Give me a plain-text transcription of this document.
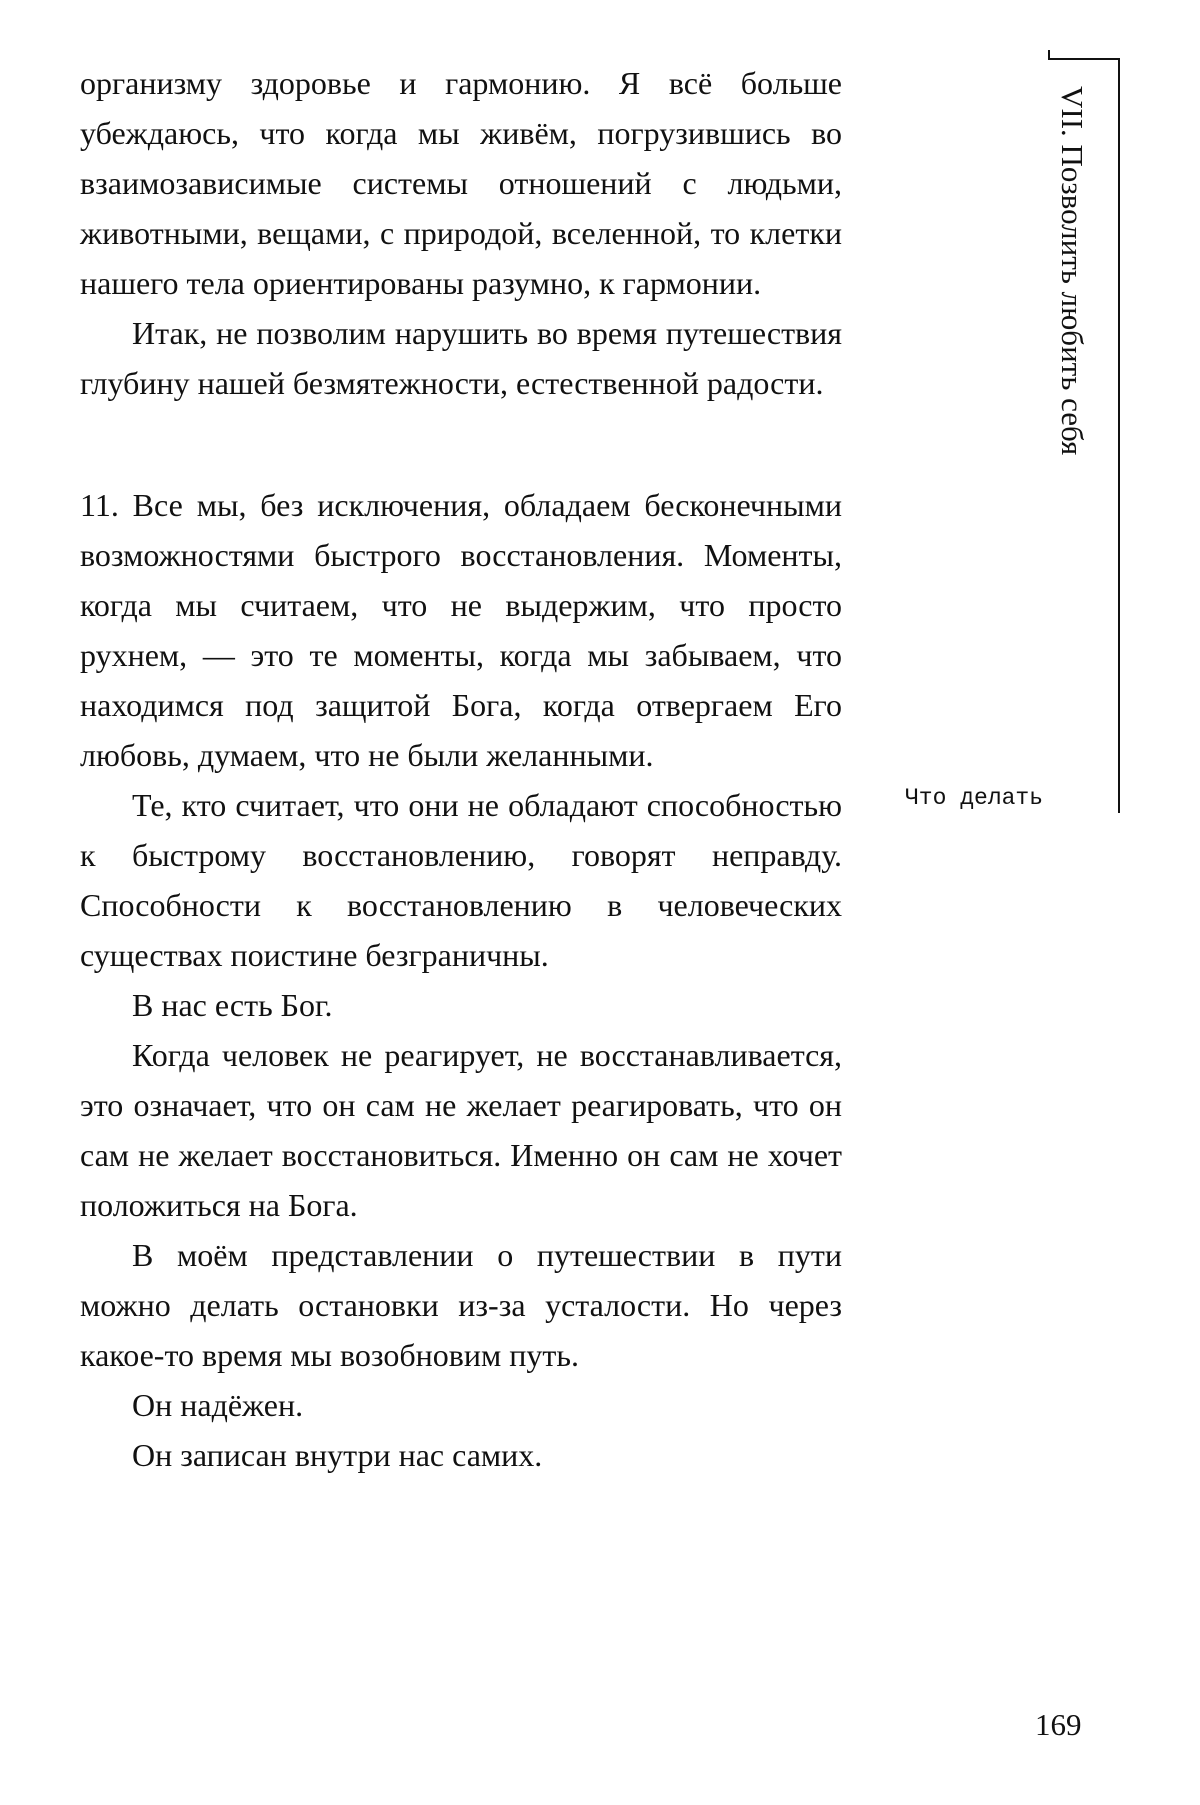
организму здоровье и гармонию. Я всё больше убеждаюсь, что когда мы живём, погрузившись во взаимозависимые системы отношений с людьми, животными, вещами, с природой, вселенной, то клетки нашего тела ориентированы разумно, к гармонии.

Итак, не позволим нарушить во время путешествия глубину нашей безмятежности, естественной радости.

11. Все мы, без исключения, обладаем бесконечными возможностями быстрого восстановления. Моменты, когда мы считаем, что не выдержим, что просто рухнем, — это те моменты, когда мы забываем, что находимся под защитой Бога, когда отвергаем Его любовь, думаем, что не были желанными.

Те, кто считает, что они не обладают способностью к быстрому восстановлению, говорят неправду. Способности к восстановлению в человеческих существах поистине безграничны.

В нас есть Бог.

Когда человек не реагирует, не восстанавливается, это означает, что он сам не желает реагировать, что он сам не желает восстановиться. Именно он сам не хочет положиться на Бога.

В моём представлении о путешествии в пути можно делать остановки из-за усталости. Но через какое-то время мы возобновим путь.

Он надёжен.

Он записан внутри нас самих.

VII. Позволить любить себя
Что делать
169
